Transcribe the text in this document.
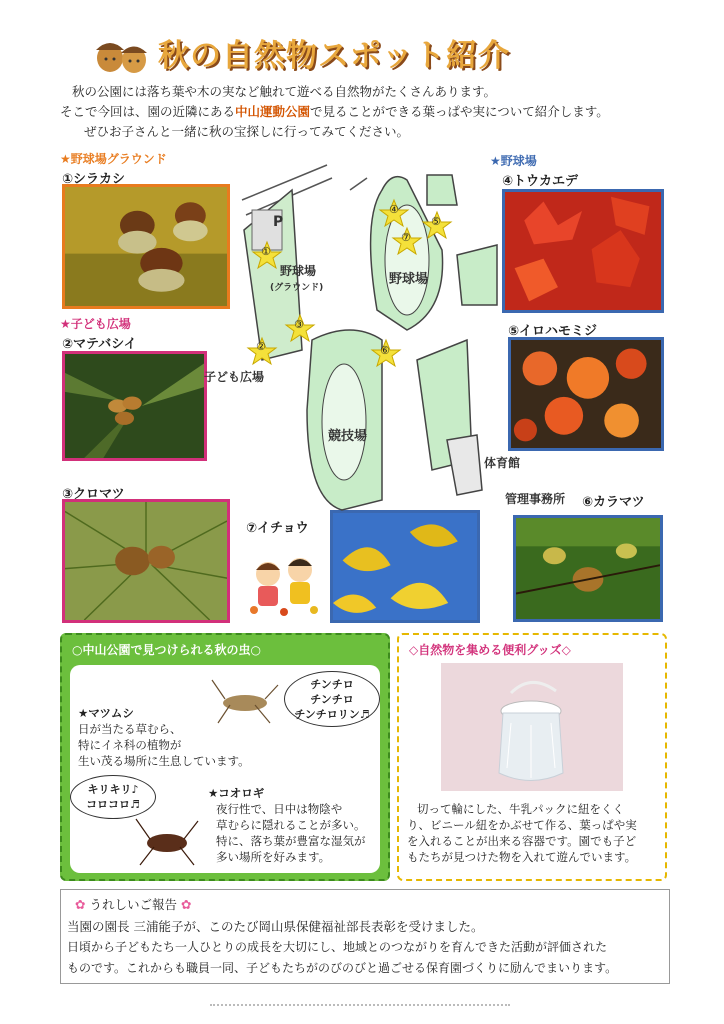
秋の自然物スポット紹介

秋の公園には落ち葉や木の実など触れて遊べる自然物がたくさんあります。

そこで今回は、園の近隣にある中山運動公園で見ることができる葉っぱや実について紹介します。

ぜひお子さんと一緒に秋の宝探しに行ってみてください。

★野球場グラウンド
★子ども広場
★野球場
①シラカシ
②マテバシイ
③クロマツ
④トウカエデ
⑤イロハモミジ
⑥カラマツ
⑦イチョウ
P
野球場
(グラウンド)
野球場
競技場
子ども広場
体育館
管理事務所
①
②
③
④
⑤
⑥
⑦
○中山公園で見つけられる秋の虫○
チンチロ
チンチロ
チンチロリン♬
★マツムシ
日が当たる草むら、
特にイネ科の植物が
生い茂る場所に生息しています。
キリキリ♪
コロコロ♬
★コオロギ
夜行性で、日中は物陰や
草むらに隠れることが多い。
特に、落ち葉が豊富な湿気が
多い場所を好みます。
◇自然物を集める便利グッズ◇
切って輪にした、牛乳パックに紐をくく
り、ビニール紐をかぶせて作る、葉っぱや実
を入れることが出来る容器です。園でも子ど
もたちが見つけた物を入れて遊んでいます。
✿ うれしいご報告 ✿
当園の園長 三浦能子が、このたび岡山県保健福祉部長表彰を受けました。
日頃から子どもたち一人ひとりの成長を大切にし、地域とのつながりを育んできた活動が評価された
ものです。これからも職員一同、子どもたちがのびのびと過ごせる保育園づくりに励んでまいります。
